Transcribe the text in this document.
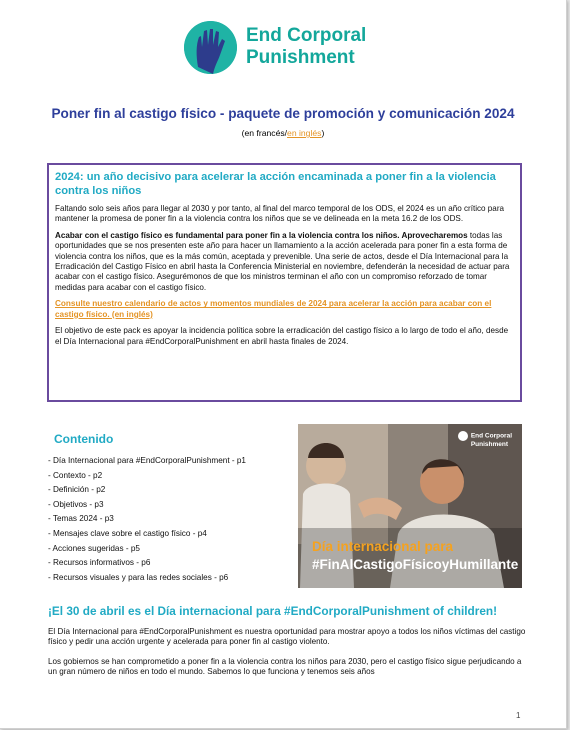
End Corporal
Punishment
Poner fin al castigo físico - paquete de promoción y comunicación 2024
(en francés/en inglés)
2024: un año decisivo para acelerar la acción encaminada a poner fin a la violencia contra los niños
Faltando solo seis años para llegar al 2030 y por tanto, al final del marco temporal de los ODS, el 2024 es un año crítico para mantener la promesa de poner fin a la violencia contra los niños que se ve delineada en la meta 16.2 de los ODS.
Acabar con el castigo físico es fundamental para poner fin a la violencia contra los niños. Aprovecharemos todas las oportunidades que se nos presenten este año para hacer un llamamiento a la acción acelerada para poner fin a esta forma de violencia contra los niños, que es la más común, aceptada y prevenible. Una serie de actos, desde el Día Internacional para la Erradicación del Castigo Físico en abril hasta la Conferencia Ministerial en noviembre, defenderán la necesidad de actuar para acabar con el castigo físico. Asegurémonos de que los ministros terminan el año con un compromiso reforzado de tomar medidas para acabar con el castigo físico.
Consulte nuestro calendario de actos y momentos mundiales de 2024 para acelerar la acción para acabar con el castigo físico. (en inglés)
El objetivo de este pack es apoyar la incidencia política sobre la erradicación del castigo físico a lo largo de todo el año, desde el Día Internacional para #EndCorporalPunishment en abril hasta finales de 2024.
Contenido
- Día Internacional para #EndCorporalPunishment - p1
- Contexto - p2
- Definición - p2
- Objetivos - p3
- Temas 2024 - p3
- Mensajes clave sobre el castigo físico - p4
- Acciones sugeridas - p5
- Recursos informativos - p6
- Recursos visuales y para las redes sociales - p6
End Corporal
Punishment
Día internacional para
#FinAlCastigoFísicoyHumillante
¡El 30 de abril es el Día internacional para #EndCorporalPunishment of children!
El Día Internacional para #EndCorporalPunishment es nuestra oportunidad para mostrar apoyo a todos los niños víctimas del castigo físico y pedir una acción urgente y acelerada para poner fin al castigo violento.
Los gobiernos se han comprometido a poner fin a la violencia contra los niños para 2030, pero el castigo físico sigue perjudicando a un gran número de niños en todo el mundo. Sabemos lo que funciona y tenemos seis años
1
